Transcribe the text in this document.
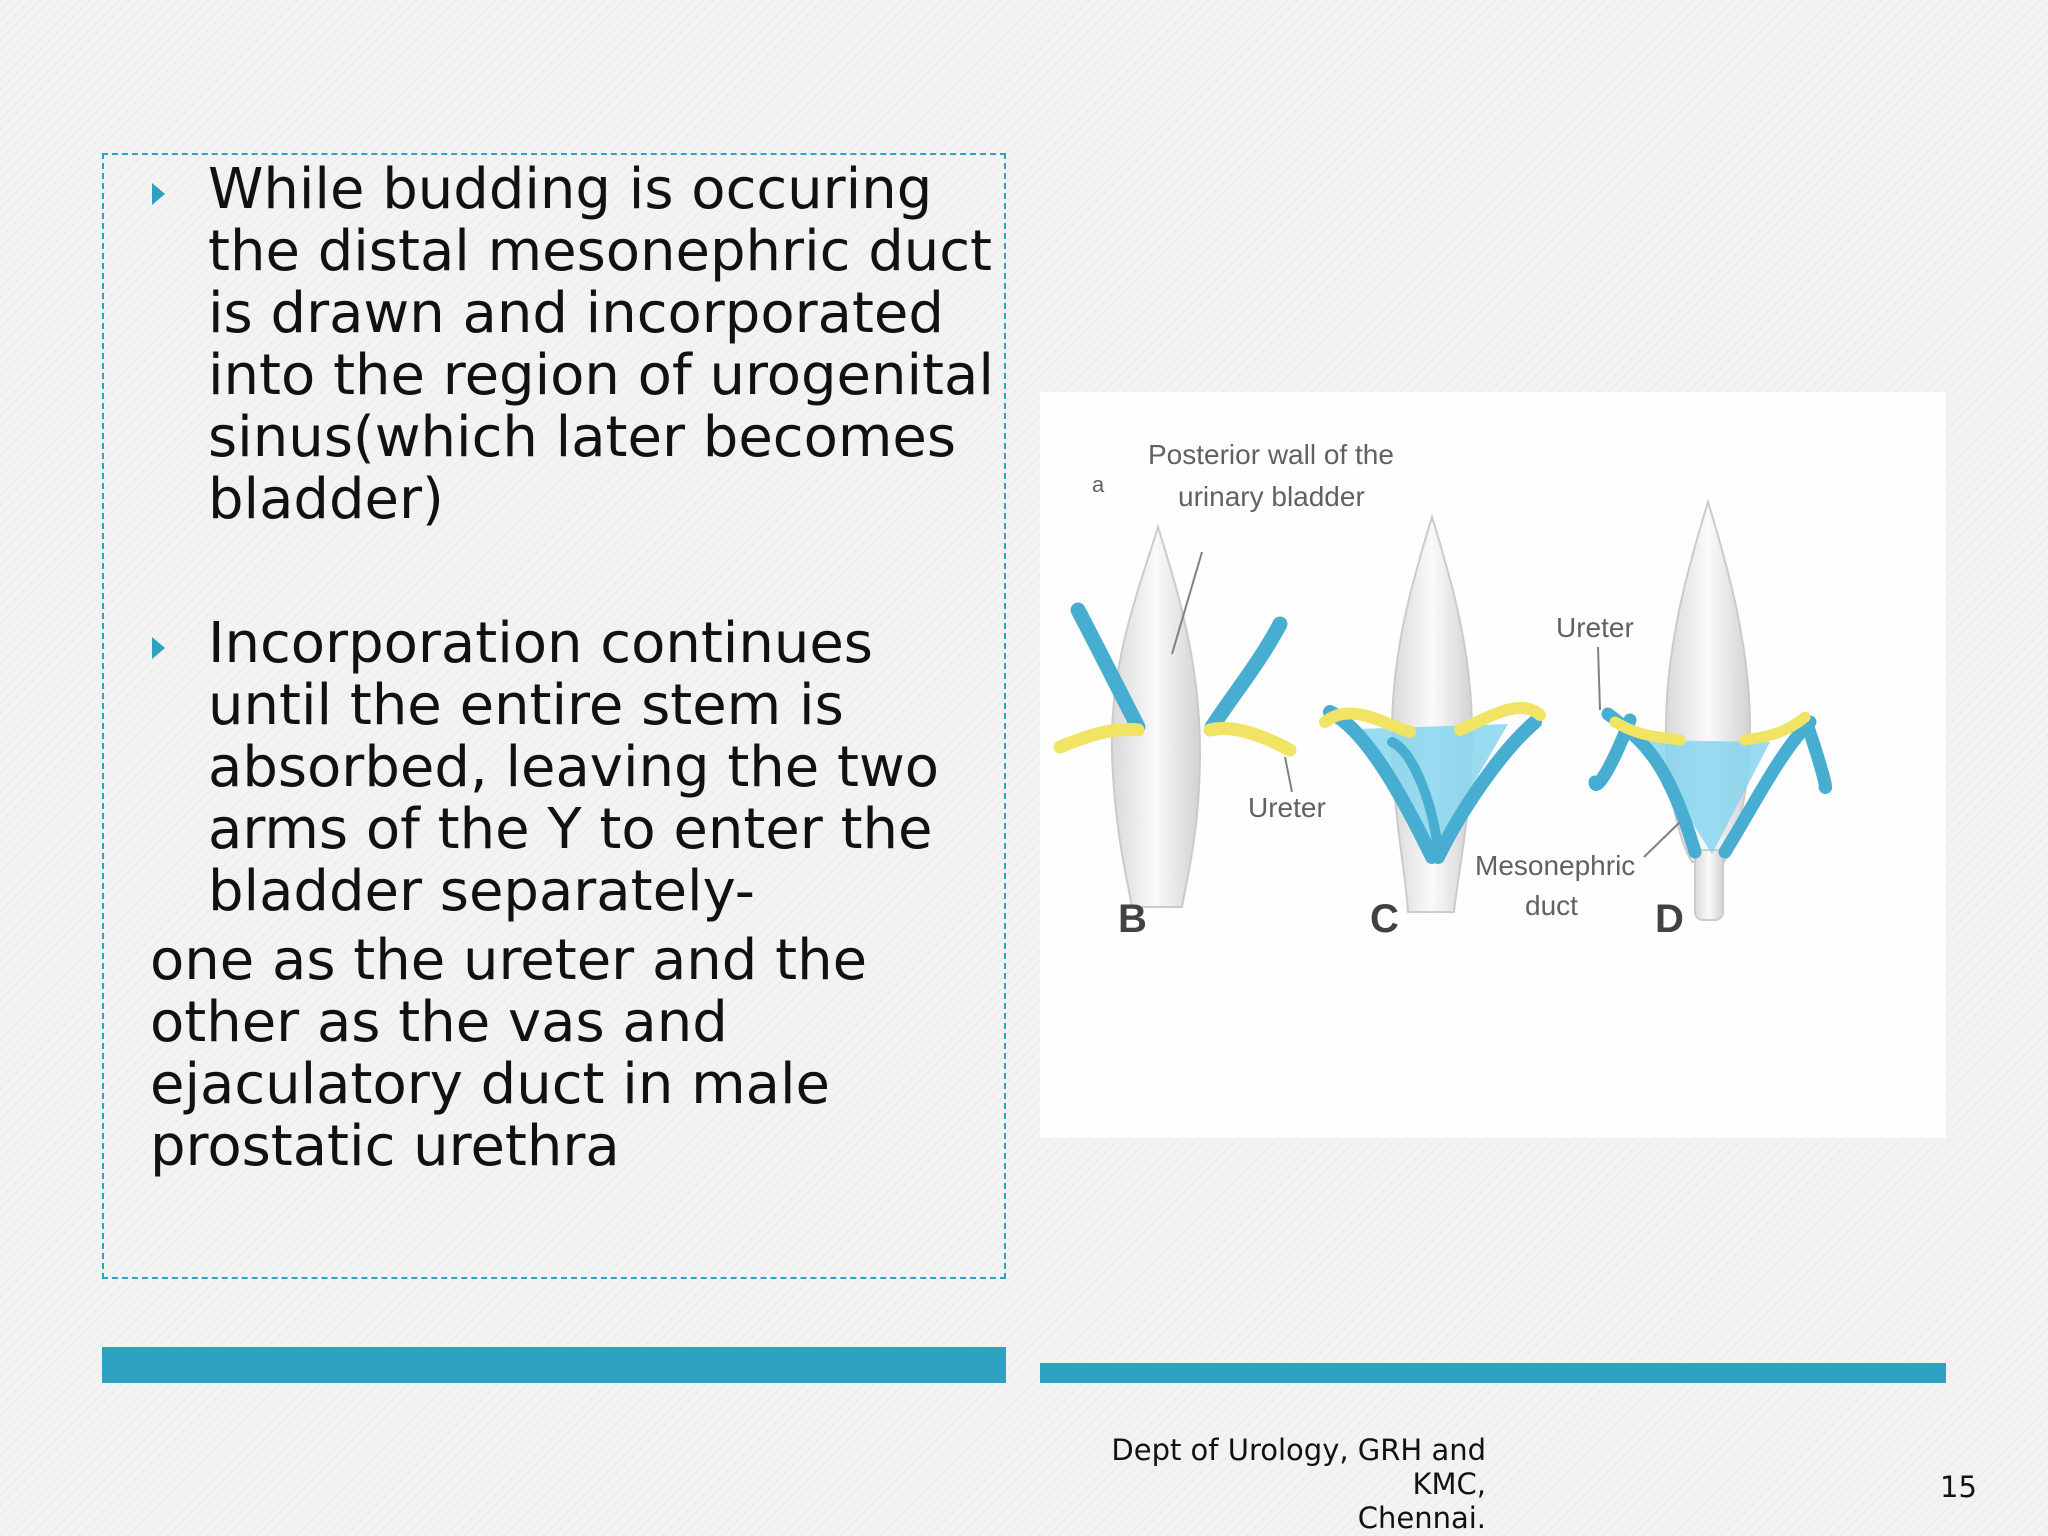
While budding is occuring the distal mesonephric duct is drawn and incorporated into the region of urogenital sinus(which later becomes bladder)
Incorporation continues until the entire stem is absorbed, leaving the two arms of the Y to enter the bladder separately-
one as the ureter and the other as the vas and ejaculatory duct in male prostatic urethra
a
Posterior wall of the
urinary bladder
Ureter
Ureter
Mesonephric
duct
B	C	D
Dept of Urology, GRH and KMC,
Chennai.
15
